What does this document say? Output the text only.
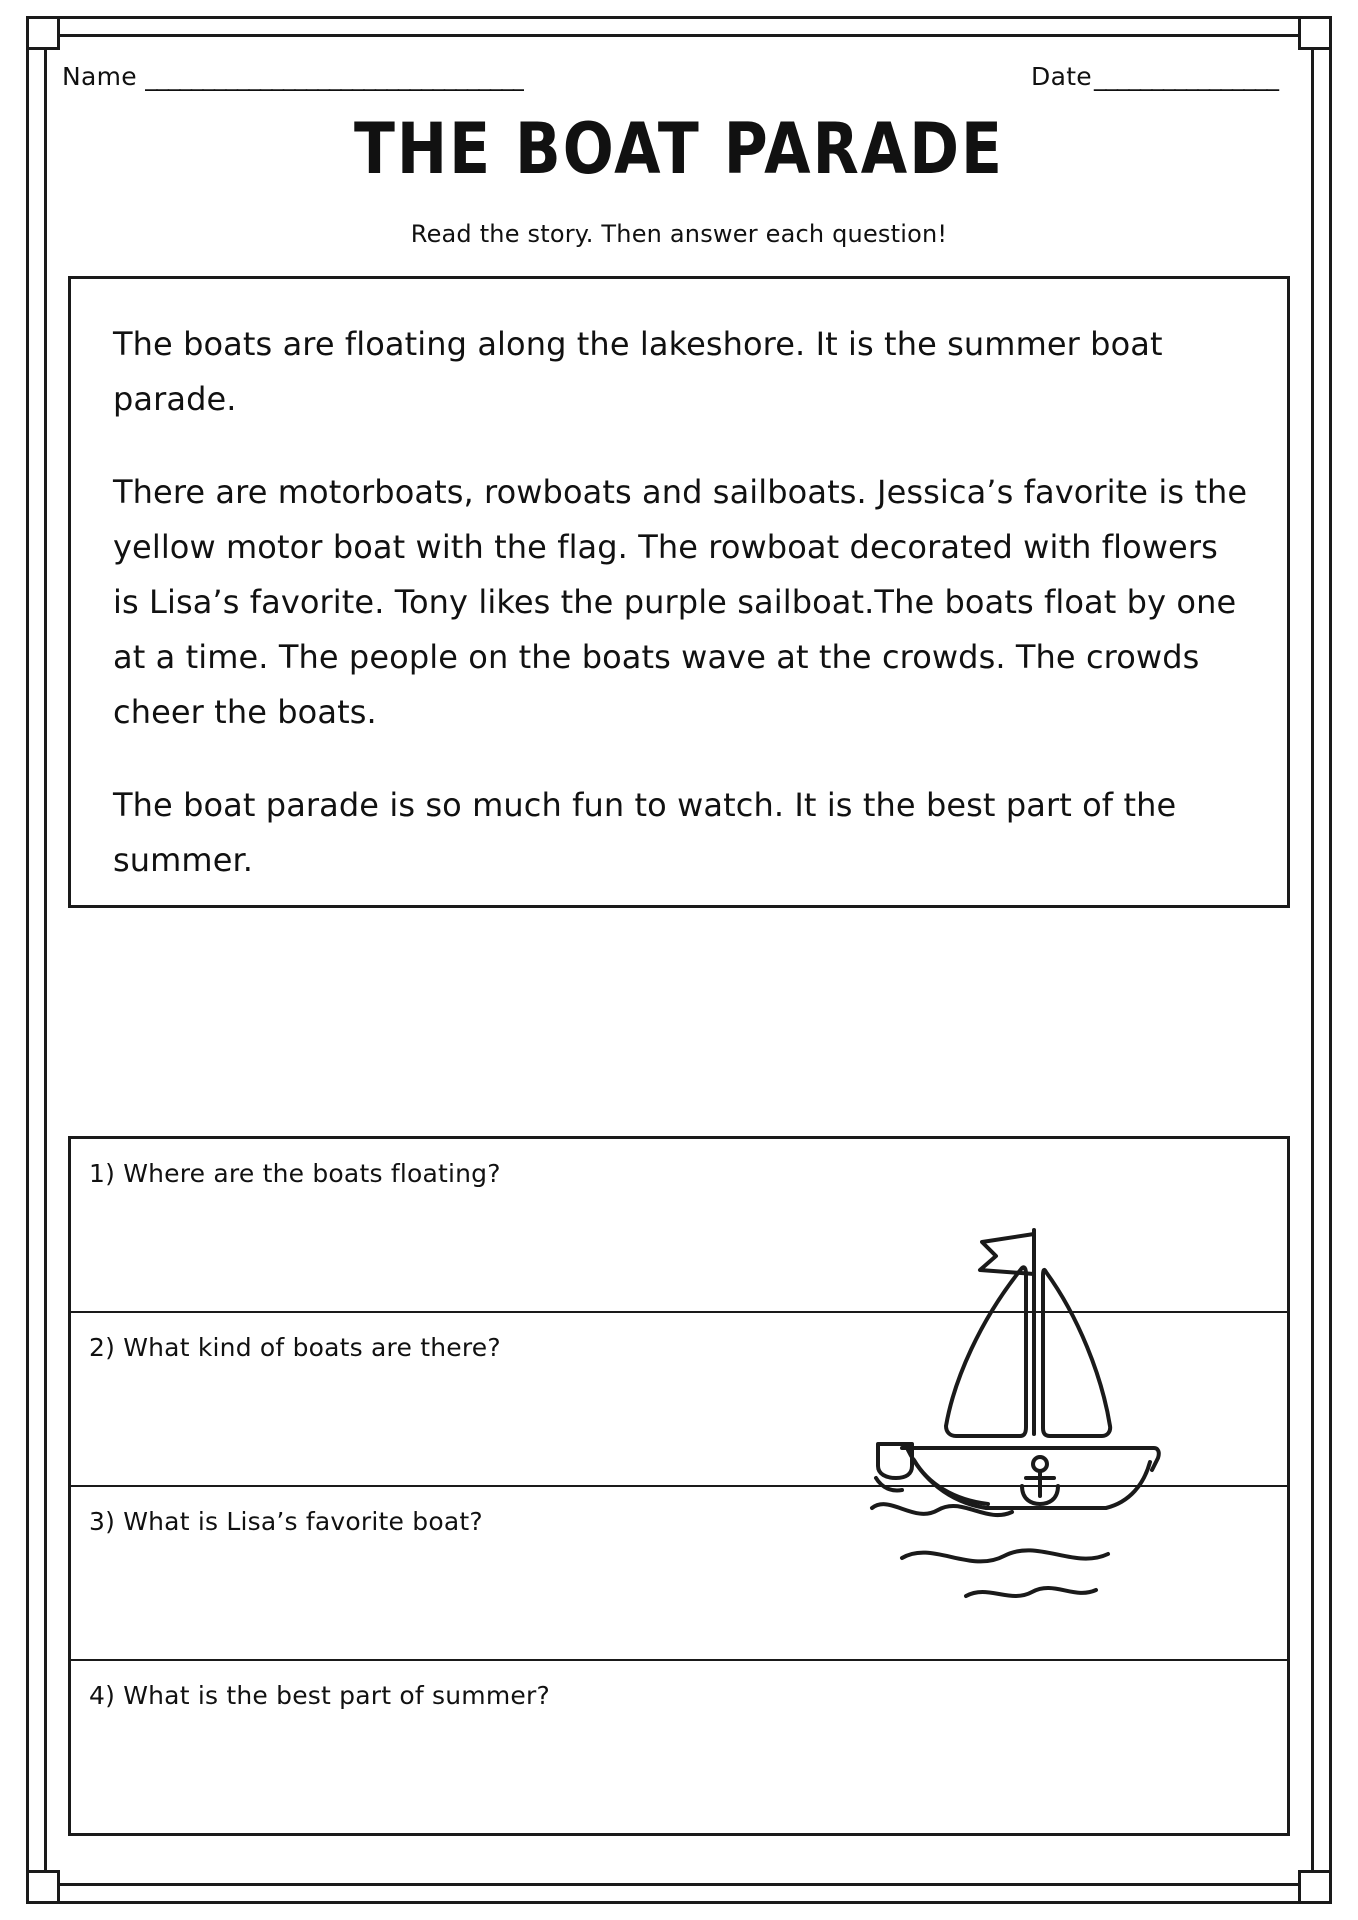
Name _________________________________	Date ________________
THE BOAT PARADE
Read the story. Then answer each question!

The boats are floating along the lakeshore. It is the summer boat parade.

There are motorboats, rowboats and sailboats. Jessica’s favorite is the yellow motor boat with the flag. The rowboat decorated with flowers is Lisa’s favorite. Tony likes the purple sailboat.The boats float by one at a time. The people on the boats wave at the crowds. The crowds cheer the boats.

The boat parade is so much fun to watch. It is the best part of the summer.

1) Where are the boats floating?
2) What kind of boats are there?
3) What is Lisa’s favorite boat?
4) What is the best part of summer?
